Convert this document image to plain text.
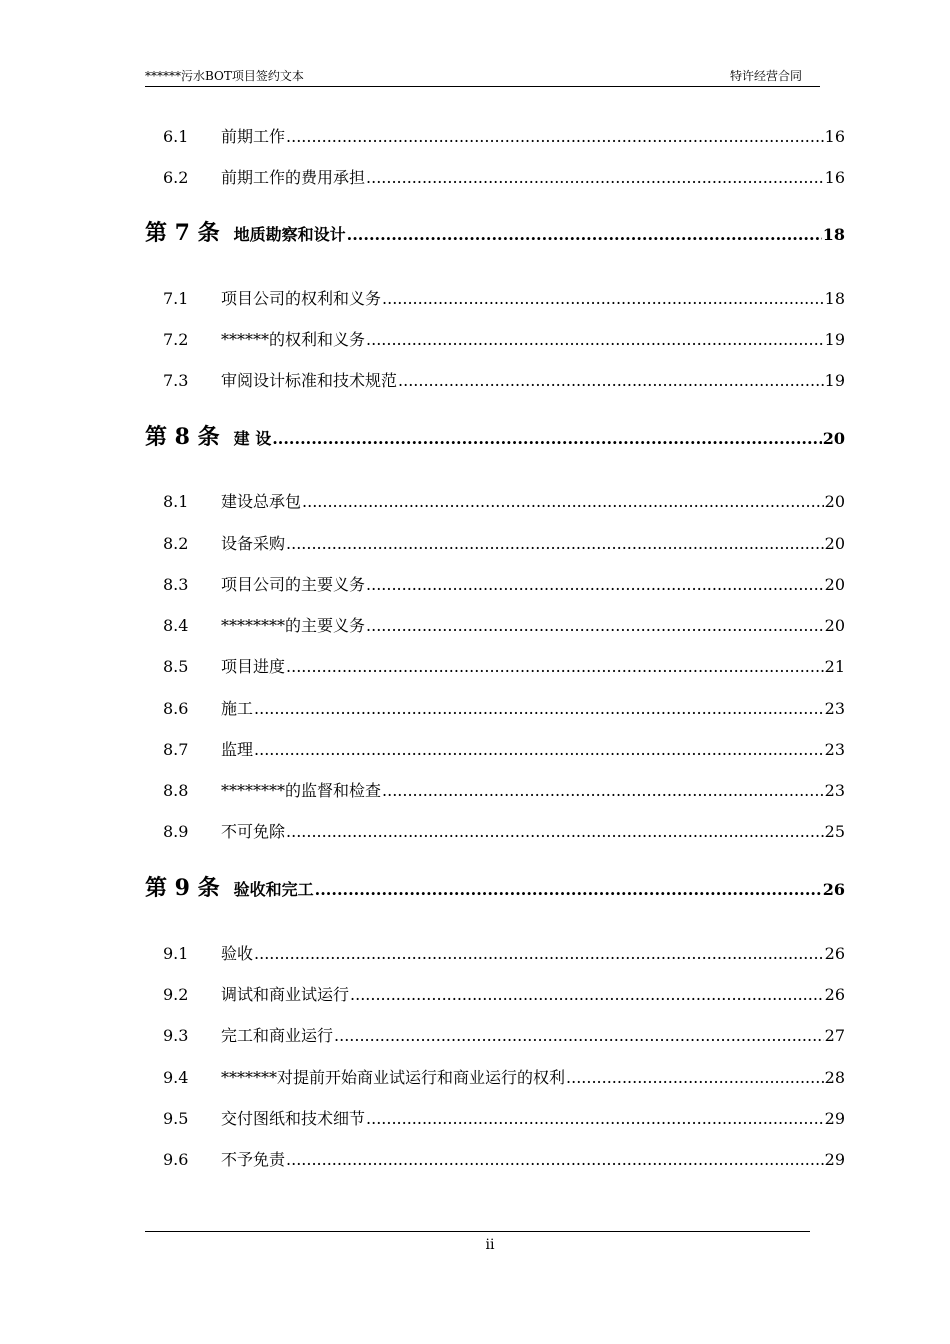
******污水BOT项目签约文本	特许经营合同
6.1	前期工作 .....	16
6.2	前期工作的费用承担 .....	16
第 7 条 地质勘察和设计 .....	18
7.1	项目公司的权利和义务 .....	18
7.2	******的权利和义务 .....	19
7.3	审阅设计标准和技术规范 .....	19
第 8 条 建 设 .....	20
8.1	建设总承包 .....	20
8.2	设备采购 .....	20
8.3	项目公司的主要义务 .....	20
8.4	********的主要义务 .....	20
8.5	项目进度 .....	21
8.6	施工 .....	23
8.7	监理 .....	23
8.8	********的监督和检查 .....	23
8.9	不可免除 .....	25
第 9 条 验收和完工 .....	26
9.1	验收 .....	26
9.2	调试和商业试运行 .....	26
9.3	完工和商业运行 .....	27
9.4	*******对提前开始商业试运行和商业运行的权利 .....	28
9.5	交付图纸和技术细节 .....	29
9.6	不予免责 .....	29
ii
